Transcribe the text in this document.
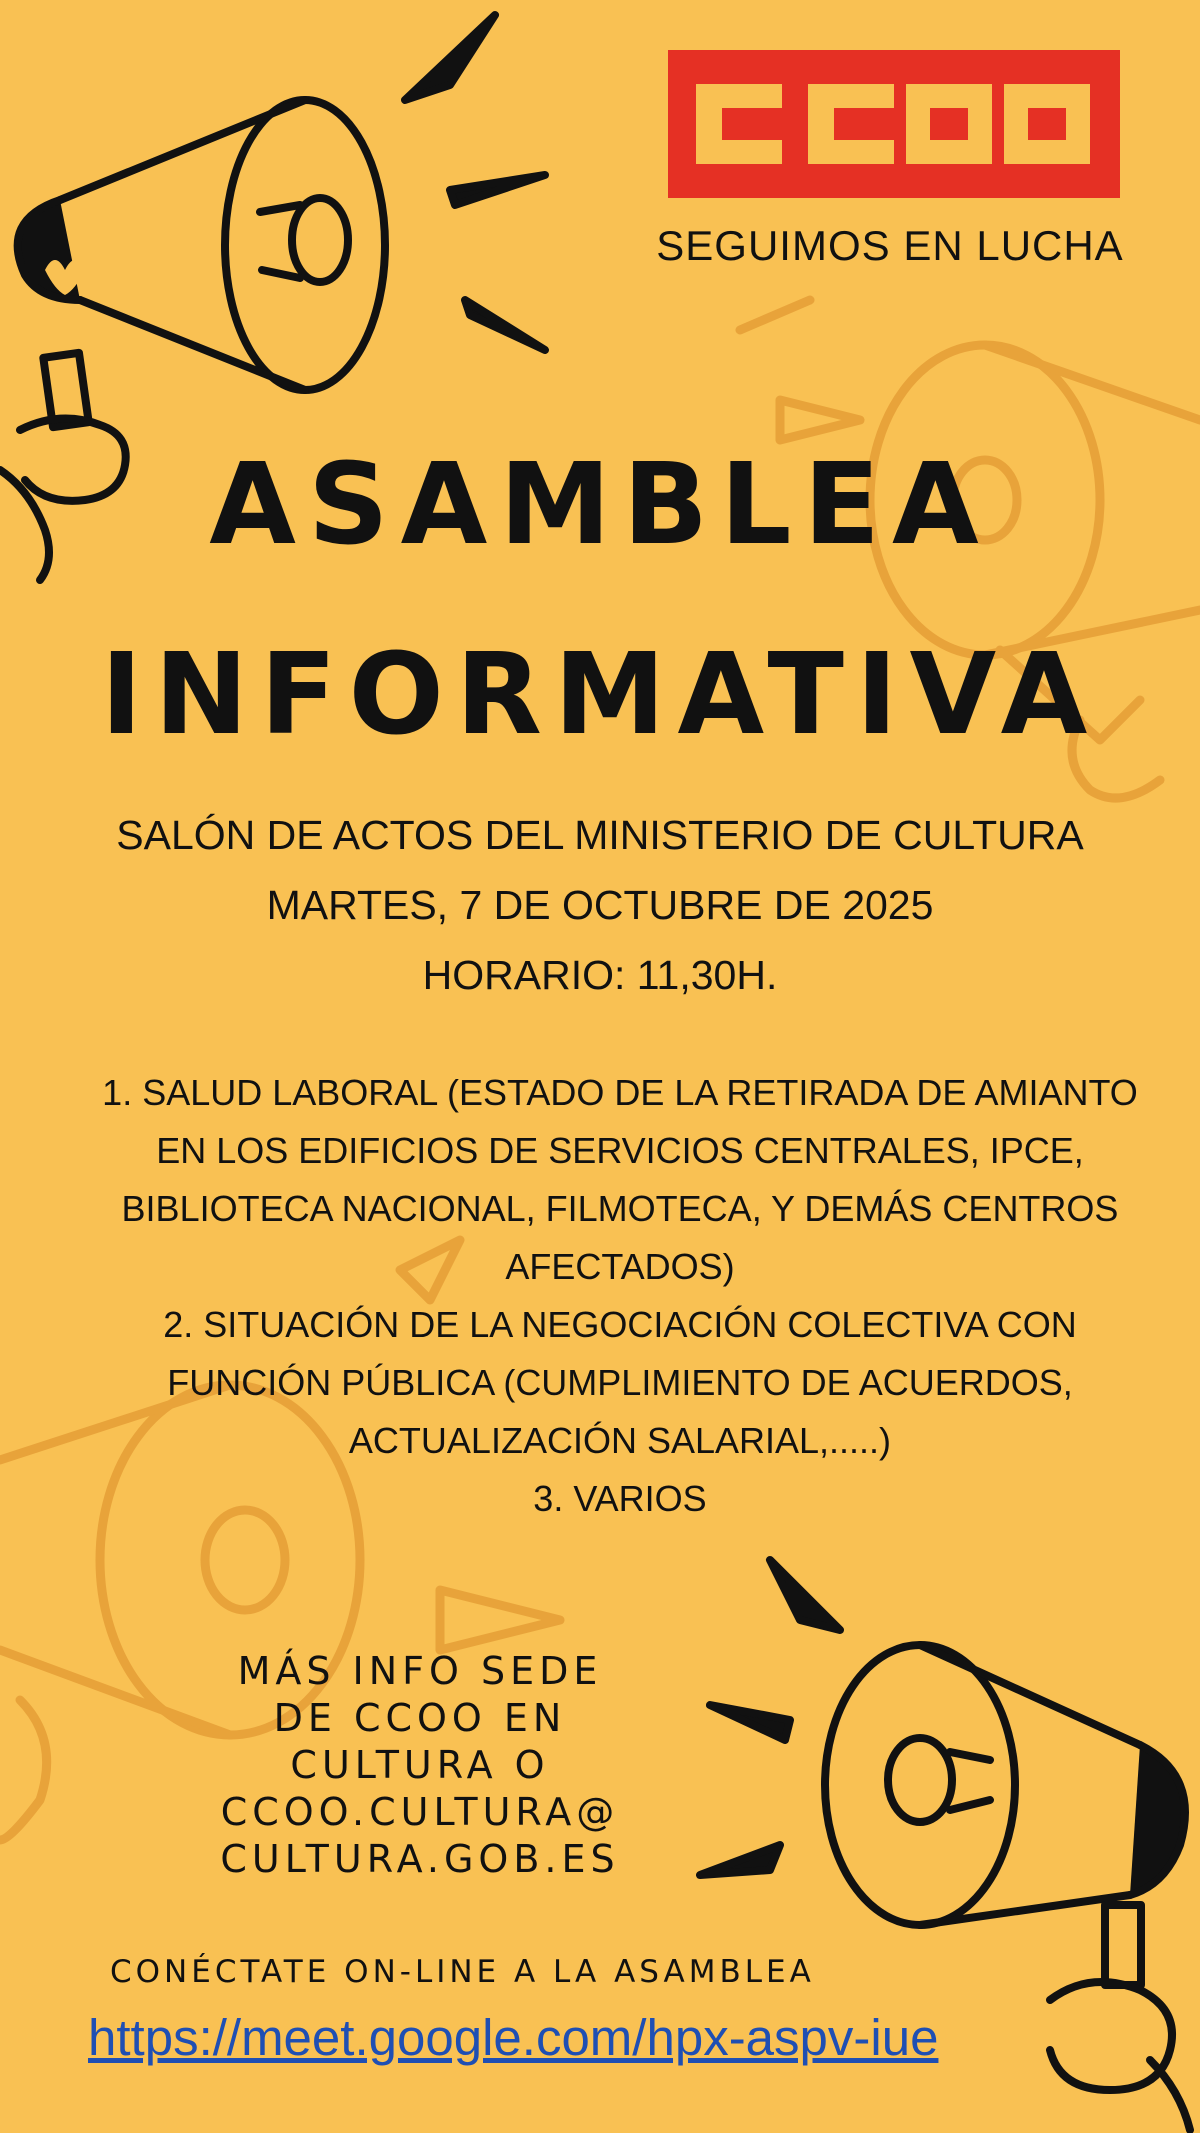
SEGUIMOS EN LUCHA
ASAMBLEA
INFORMATIVA
SALÓN DE ACTOS DEL MINISTERIO DE CULTURA
MARTES, 7 DE OCTUBRE DE 2025
HORARIO: 11,30H.

1. SALUD LABORAL (ESTADO DE LA RETIRADA DE AMIANTO EN LOS EDIFICIOS DE SERVICIOS CENTRALES, IPCE, BIBLIOTECA NACIONAL, FILMOTECA, Y DEMÁS CENTROS AFECTADOS)

2. SITUACIÓN DE LA NEGOCIACIÓN COLECTIVA CON FUNCIÓN PÚBLICA (CUMPLIMIENTO DE ACUERDOS, ACTUALIZACIÓN SALARIAL,.....)

3. VARIOS

MÁS INFO SEDE
DE CCOO EN
CULTURA O
CCOO.CULTURA@
CULTURA.GOB.ES
CONÉCTATE ON-LINE A LA ASAMBLEA
https://meet.google.com/hpx-aspv-iue
